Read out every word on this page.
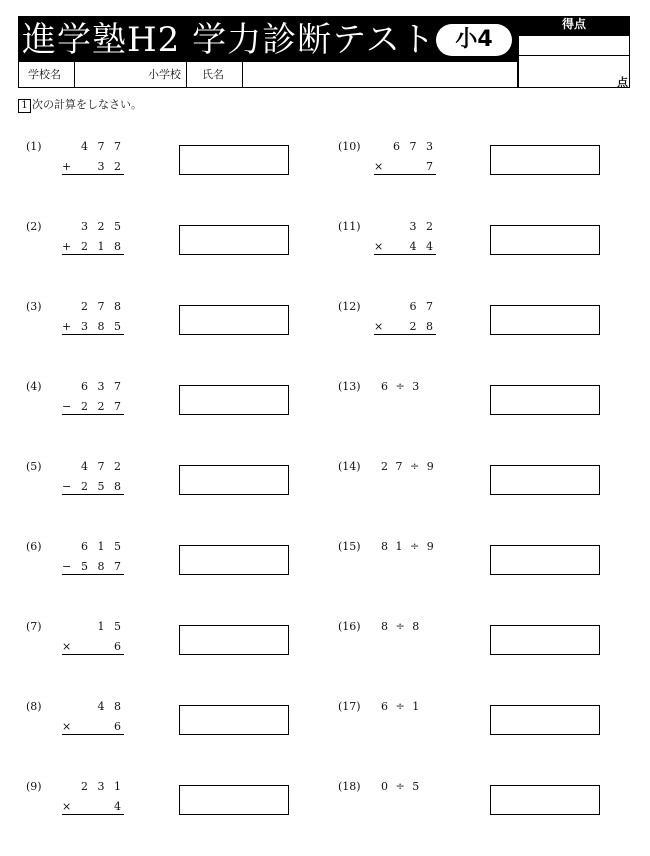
進学塾H2 学力診断テスト 小4
得点
点
学校名	小学校 氏名
1 次の計算をしなさい。
(1)	4 7 7
+	3 2
(2)	3 2 5
+ 2 1 8
(3)	2 7 8
+ 3 8 5
(4)	6 3 7
− 2 2 7
(5)	4 7 2
− 2 5 8
(6)	6 1 5
− 5 8 7
(7)	1 5
×	6
(8)	4 8
×	6
(9)	2 3 1
×	4
(10)	6 7 3
×	7
(11)	3 2
×	4 4
(12)	6 7
×	2 8
(13) 6 ÷ 3
(14) 2 7 ÷ 9
(15) 8 1 ÷ 9
(16) 8 ÷ 8
(17) 6 ÷ 1
(18) 0 ÷ 5
